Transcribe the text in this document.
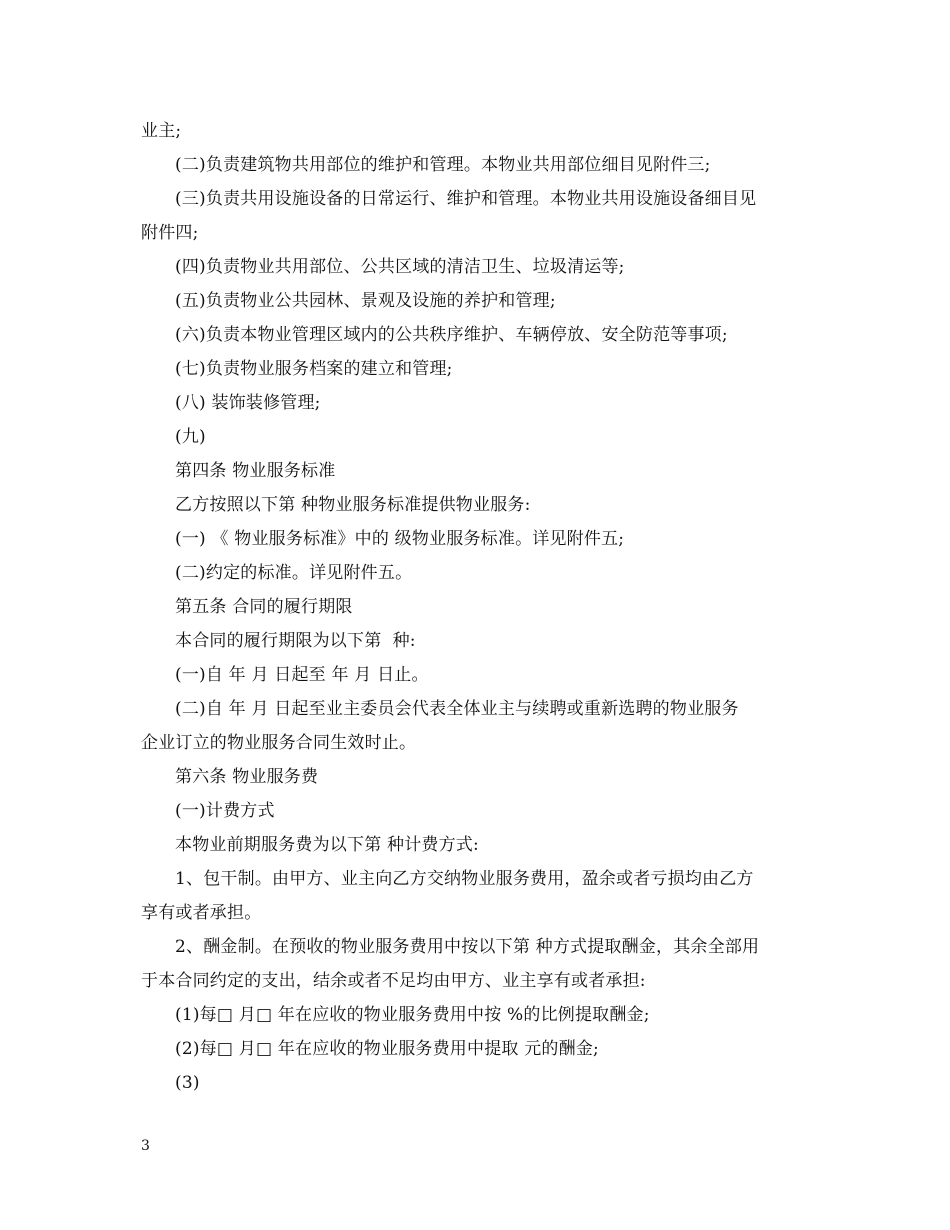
业主;
(二)负责建筑物共用部位的维护和管理。本物业共用部位细目见附件三;
(三)负责共用设施设备的日常运行、维护和管理。本物业共用设施设备细目见
附件四;
(四)负责物业共用部位、公共区域的清洁卫生、垃圾清运等;
(五)负责物业公共园林、景观及设施的养护和管理;
(六)负责本物业管理区域内的公共秩序维护、车辆停放、安全防范等事项;
(七)负责物业服务档案的建立和管理;
(八) 装饰装修管理;
(九)
第四条 物业服务标准
乙方按照以下第 种物业服务标准提供物业服务:
(一) 《 物业服务标准》中的 级物业服务标准。详见附件五;
(二)约定的标准。详见附件五。
第五条 合同的履行期限
本合同的履行期限为以下第  种:
(一)自 年 月 日起至 年 月 日止。
(二)自 年 月 日起至业主委员会代表全体业主与续聘或重新选聘的物业服务
企业订立的物业服务合同生效时止。
第六条 物业服务费
(一)计费方式
本物业前期服务费为以下第 种计费方式:
1、包干制。由甲方、业主向乙方交纳物业服务费用，盈余或者亏损均由乙方
享有或者承担。
2、酬金制。在预收的物业服务费用中按以下第 种方式提取酬金，其余全部用
于本合同约定的支出，结余或者不足均由甲方、业主享有或者承担:
(1)每□ 月□ 年在应收的物业服务费用中按 %的比例提取酬金;
(2)每□ 月□ 年在应收的物业服务费用中提取 元的酬金;
(3)
3
